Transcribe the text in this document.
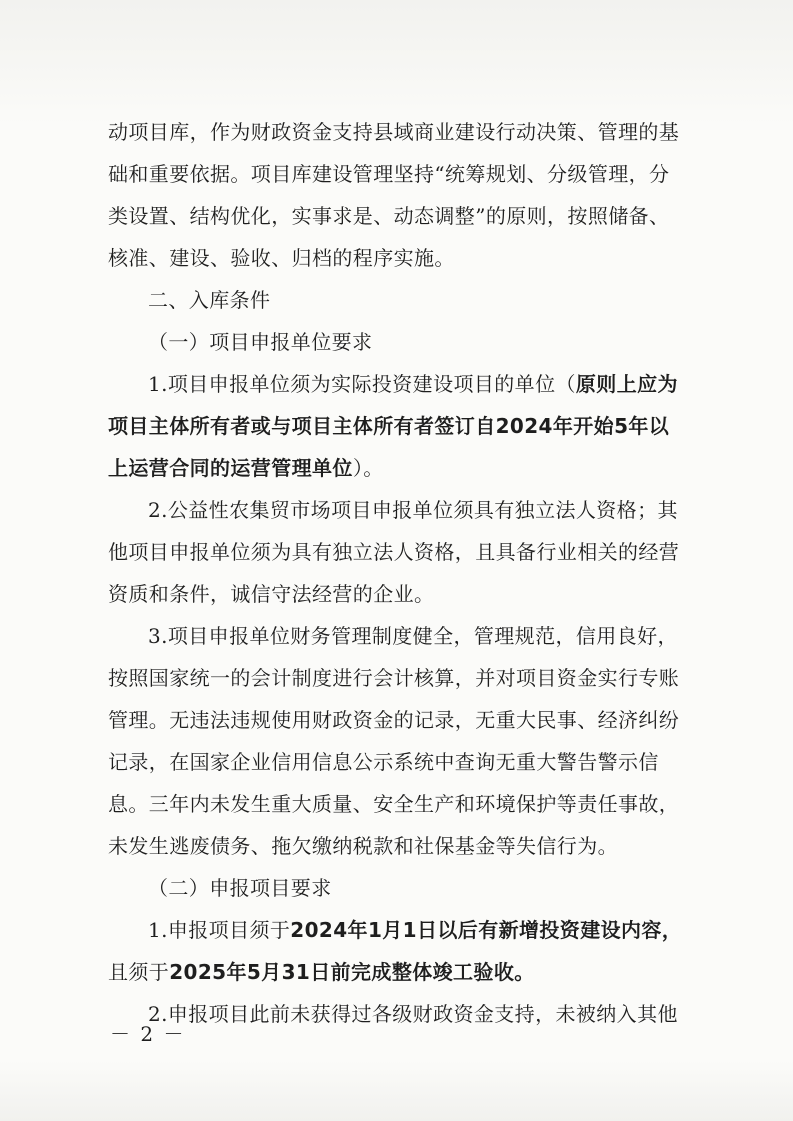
动项目库，作为财政资金支持县域商业建设行动决策、管理的基
础和重要依据。项目库建设管理坚持“统筹规划、分级管理，分
类设置、结构优化，实事求是、动态调整”的原则，按照储备、
核准、建设、验收、归档的程序实施。
二、入库条件
（一）项目申报单位要求
1.项目申报单位须为实际投资建设项目的单位（原则上应为
项目主体所有者或与项目主体所有者签订自2024年开始5年以
上运营合同的运营管理单位）。
2.公益性农集贸市场项目申报单位须具有独立法人资格；其
他项目申报单位须为具有独立法人资格，且具备行业相关的经营
资质和条件，诚信守法经营的企业。
3.项目申报单位财务管理制度健全，管理规范，信用良好，
按照国家统一的会计制度进行会计核算，并对项目资金实行专账
管理。无违法违规使用财政资金的记录，无重大民事、经济纠纷
记录，在国家企业信用信息公示系统中查询无重大警告警示信
息。三年内未发生重大质量、安全生产和环境保护等责任事故，
未发生逃废债务、拖欠缴纳税款和社保基金等失信行为。
（二）申报项目要求
1.申报项目须于2024年1月1日以后有新增投资建设内容，
且须于2025年5月31日前完成整体竣工验收。
2.申报项目此前未获得过各级财政资金支持，未被纳入其他
－ 2 －
